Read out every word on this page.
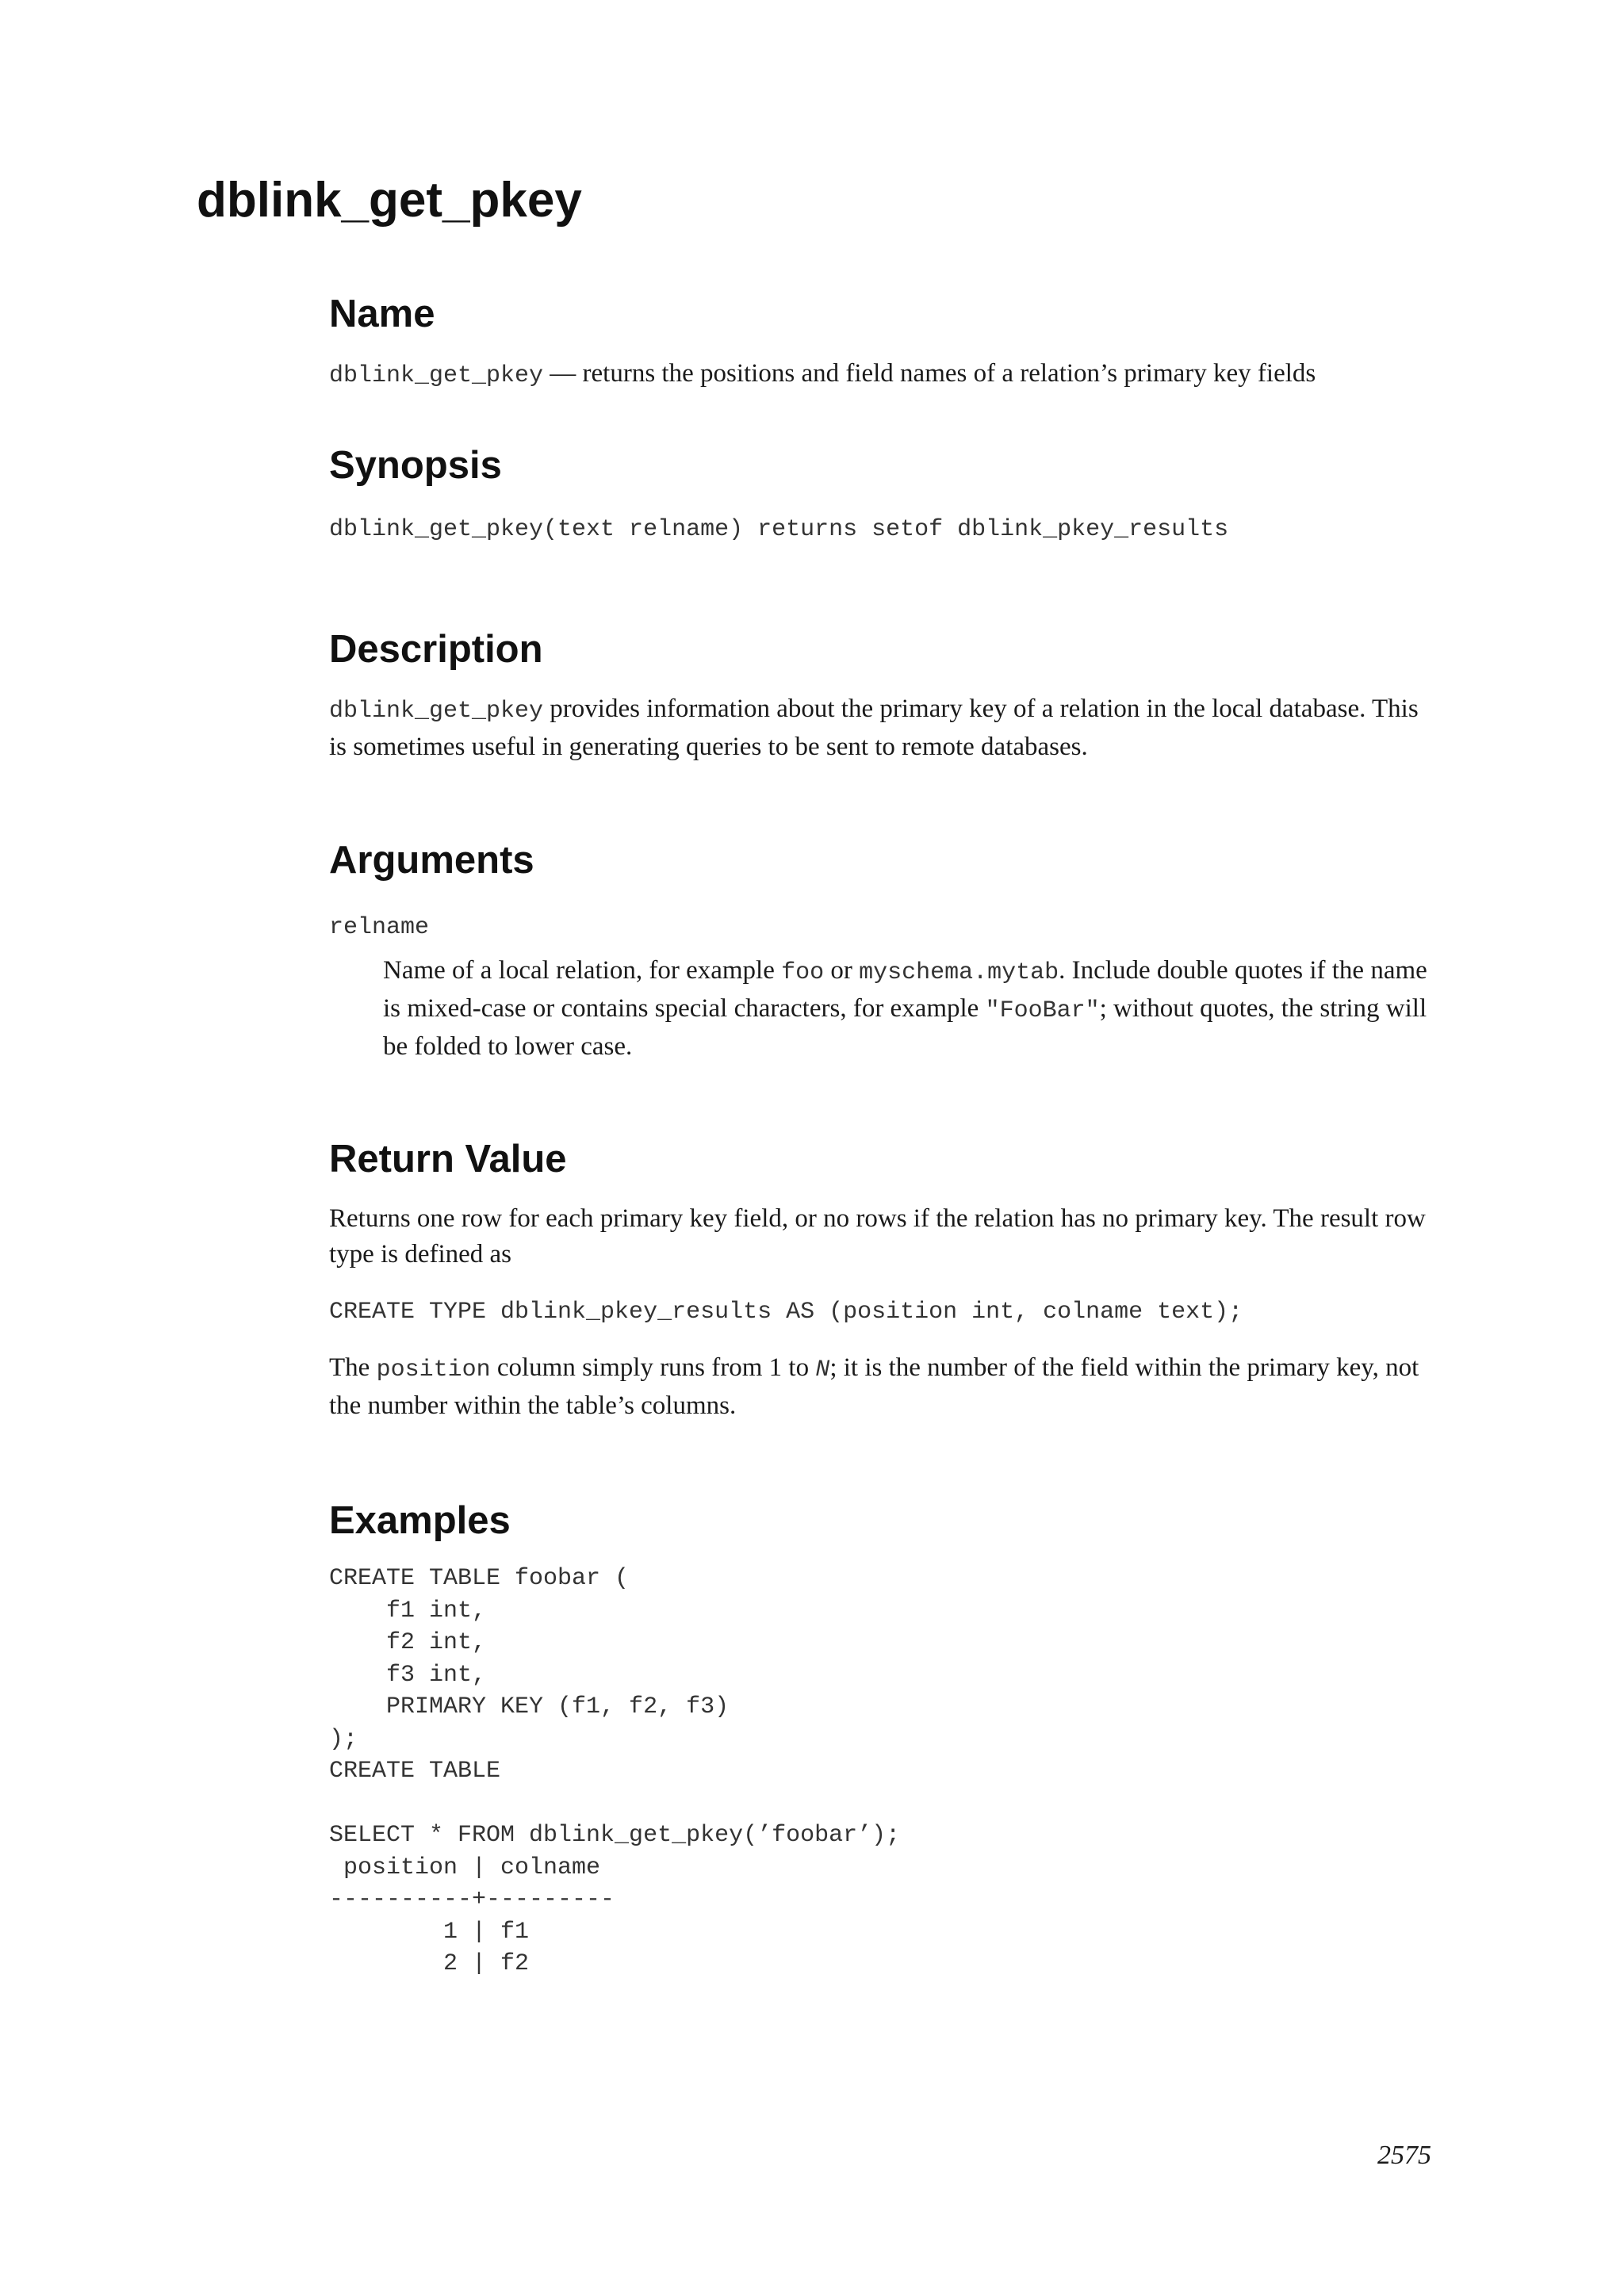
dblink_get_pkey
Name

dblink_get_pkey — returns the positions and field names of a relation’s primary key fields

Synopsis
dblink_get_pkey(text relname) returns setof dblink_pkey_results
Description

dblink_get_pkey provides information about the primary key of a relation in the local database. This is sometimes useful in generating queries to be sent to remote databases.

Arguments
relname

Name of a local relation, for example foo or myschema.mytab. Include double quotes if the name is mixed-case or contains special characters, for example "FooBar"; without quotes, the string will be folded to lower case.

Return Value

Returns one row for each primary key field, or no rows if the relation has no primary key. The result row type is defined as

CREATE TYPE dblink_pkey_results AS (position int, colname text);

The position column simply runs from 1 to N; it is the number of the field within the primary key, not the number within the table’s columns.

Examples
CREATE TABLE foobar (
f1 int,
f2 int,
f3 int,
PRIMARY KEY (f1, f2, f3)
);
CREATE TABLE

SELECT * FROM dblink_get_pkey(’foobar’);
position | colname
----------+---------
1 | f1
2 | f2
2575
